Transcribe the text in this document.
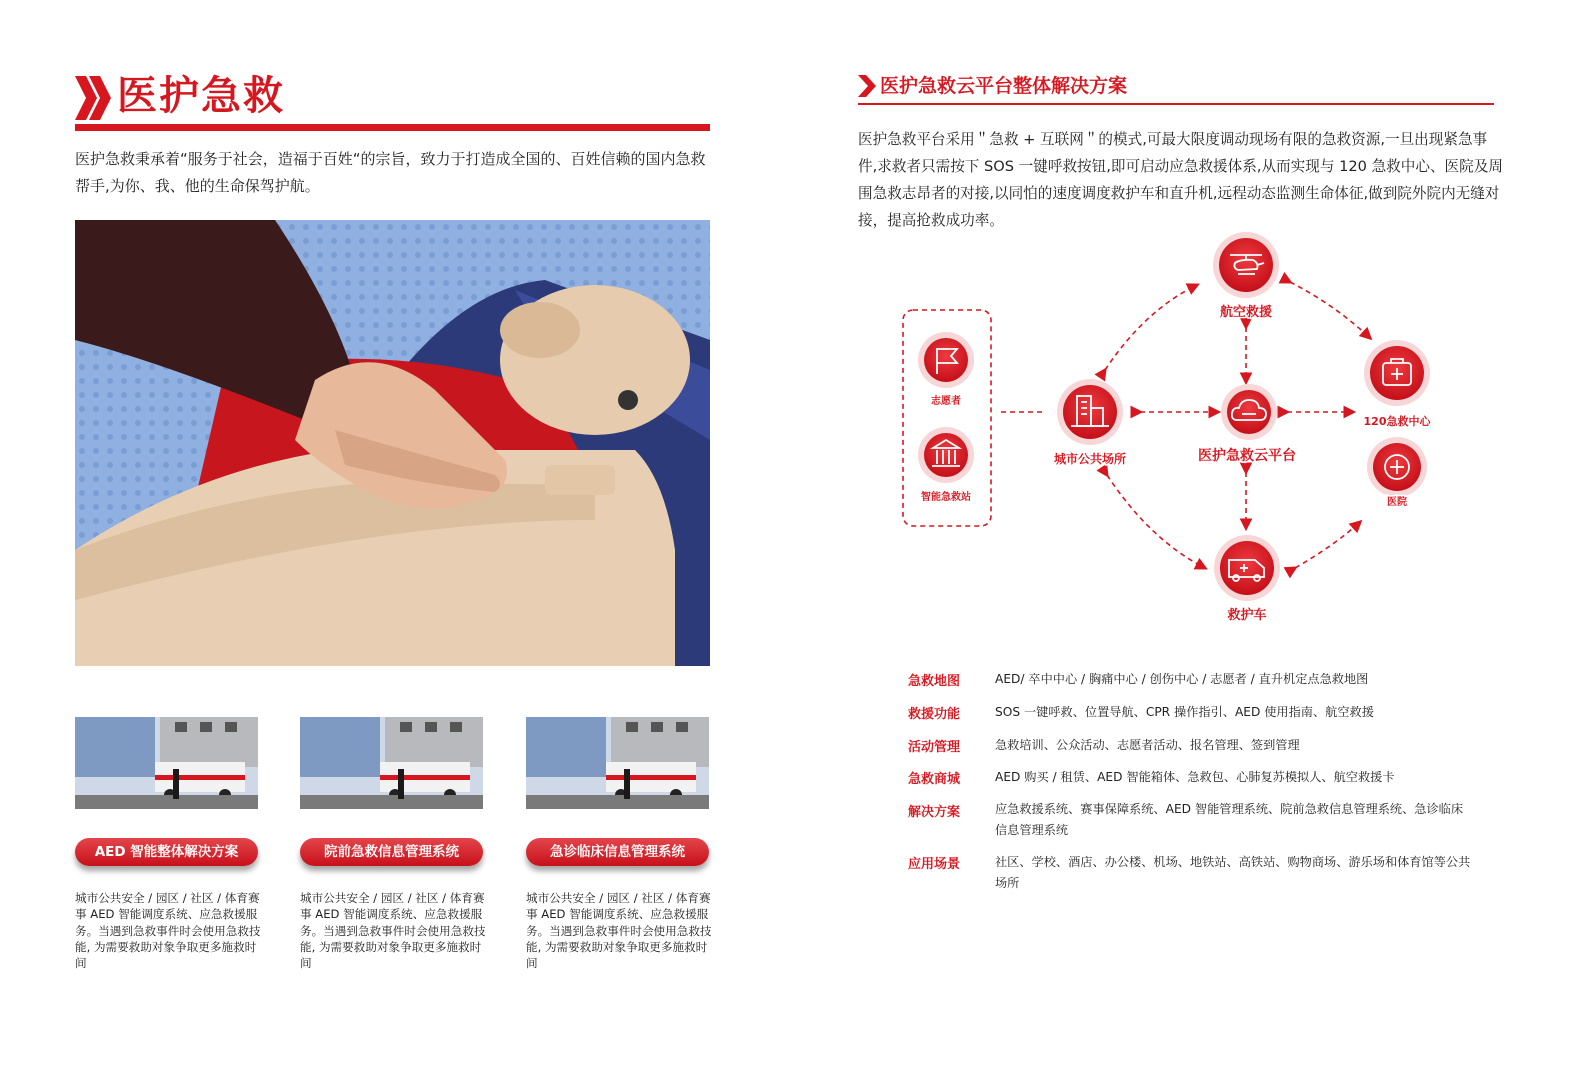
医护急救
医护急救秉承着“服务于社会，造福于百姓“的宗旨，致力于打造成全国的、百姓信赖的国内急救帮手,为你、我、他的生命保驾护航。
AED 智能整体解决方案	院前急救信息管理系统	急诊临床信息管理系统
城市公共安全 / 园区 / 社区 / 体育赛事 AED 智能调度系统、应急救援服务。当遇到急救事件时会使用急救技能, 为需要救助对象争取更多施救时间
城市公共安全 / 园区 / 社区 / 体育赛事 AED 智能调度系统、应急救援服务。当遇到急救事件时会使用急救技能, 为需要救助对象争取更多施救时间
城市公共安全 / 园区 / 社区 / 体育赛事 AED 智能调度系统、应急救援服务。当遇到急救事件时会使用急救技能, 为需要救助对象争取更多施救时间
医护急救云平台整体解决方案
医护急救平台采用＂急救 + 互联网＂的模式,可最大限度调动现场有限的急救资源,一旦出现紧急事件,求救者只需按下 SOS 一键呼救按钮,即可启动应急救援体系,从而实现与 120 急救中心、医院及周围急救志昂者的对接,以同怕的速度调度救护车和直升机,远程动态监测生命体征,做到院外院内无缝对接，提高抢救成功率。
航空救援
城市公共场所	医护急救云平台
120急救中心
医院
救护车
志愿者
智能急救站
急救地图	AED/ 卒中中心 / 胸痛中心 / 创伤中心 / 志愿者 / 直升机定点急救地图
救援功能	SOS 一键呼救、位置导航、CPR 操作指引、AED 使用指南、航空救援
活动管理	急救培训、公众活动、志愿者活动、报名管理、签到管理
急救商城	AED 购买 / 租赁、AED 智能箱体、急救包、心肺复苏模拟人、航空救援卡
解决方案	应急救援系统、赛事保障系统、AED 智能管理系统、院前急救信息管理系统、急诊临床信息管理系统
应用场景	社区、学校、酒店、办公楼、机场、地铁站、高铁站、购物商场、游乐场和体育馆等公共场所
